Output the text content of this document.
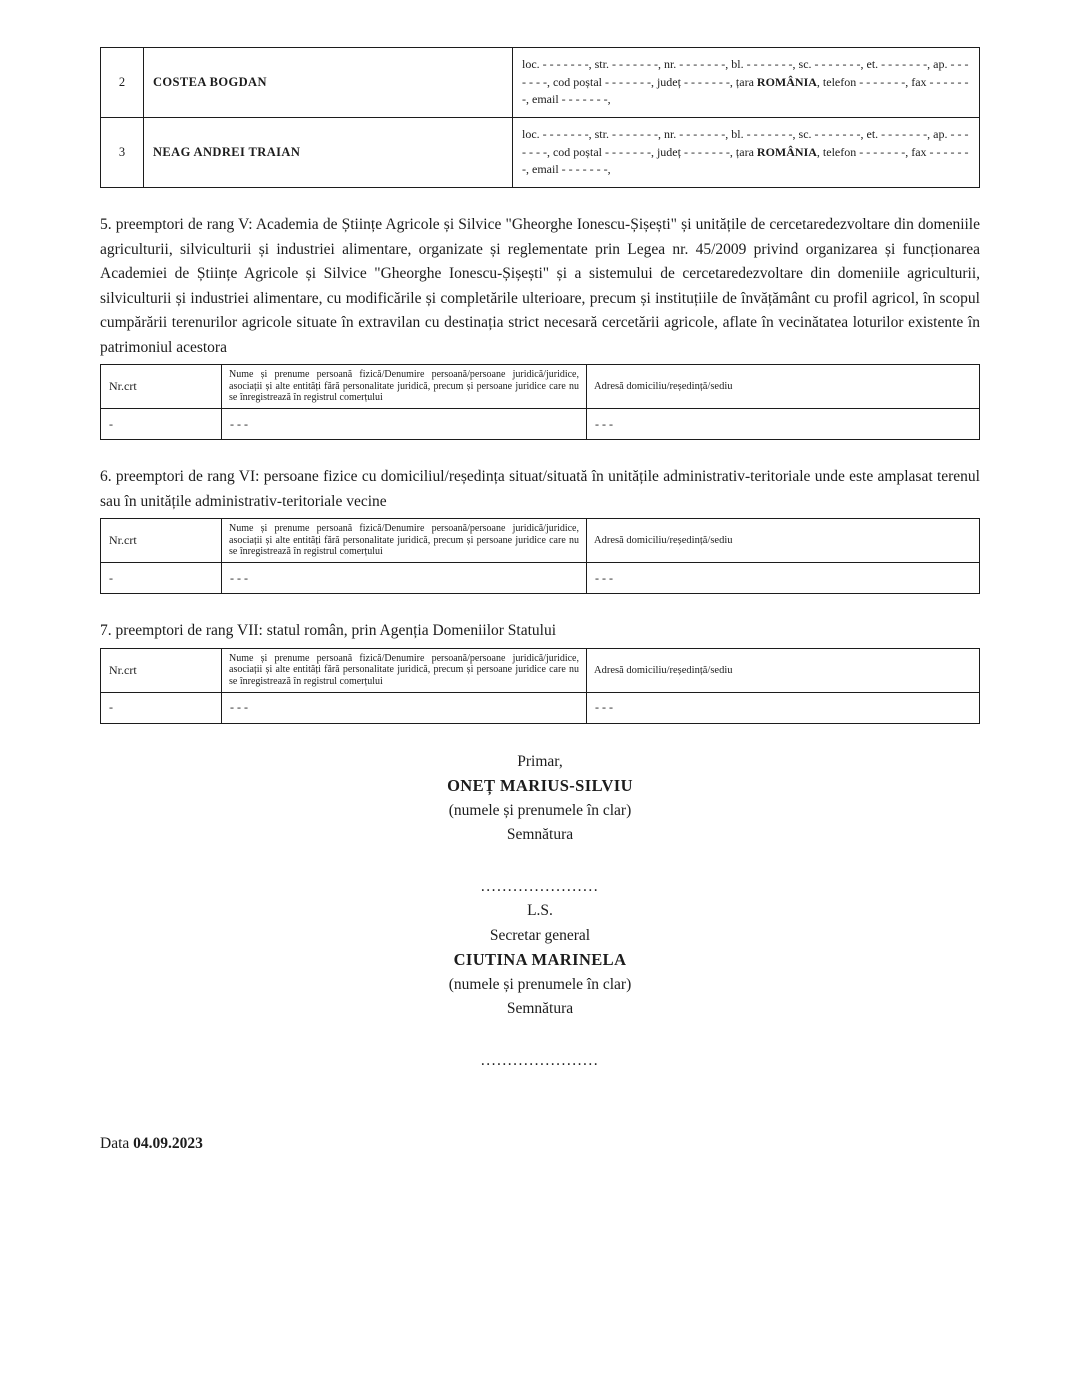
2	COSTEA BOGDAN	loc. - - - - - - -, str. - - - - - - -, nr. - - - - - - -, bl. - - - - - - -, sc. - - - - - - -, et. - - - - - - -, ap. - - - - - - -, cod poștal - - - - - - -, județ - - - - - - -, țara ROMÂNIA, telefon - - - - - - -, fax - - - - - - -, email - - - - - - -,
3	NEAG ANDREI TRAIAN	loc. - - - - - - -, str. - - - - - - -, nr. - - - - - - -, bl. - - - - - - -, sc. - - - - - - -, et. - - - - - - -, ap. - - - - - - -, cod poștal - - - - - - -, județ - - - - - - -, țara ROMÂNIA, telefon - - - - - - -, fax - - - - - - -, email - - - - - - -,

5. preemptori de rang V: Academia de Științe Agricole și Silvice "Gheorghe Ionescu-Șișești" și unitățile de cercetaredezvoltare din domeniile agriculturii, silviculturii și industriei alimentare, organizate și reglementate prin Legea nr. 45/2009 privind organizarea și funcționarea Academiei de Științe Agricole și Silvice "Gheorghe Ionescu-Șișești" și a sistemului de cercetaredezvoltare din domeniile agriculturii, silviculturii și industriei alimentare, cu modificările și completările ulterioare, precum și instituțiile de învățământ cu profil agricol, în scopul cumpărării terenurilor agricole situate în extravilan cu destinația strict necesară cercetării agricole, aflate în vecinătatea loturilor existente în patrimoniul acestora

Nr.crt	Nume și prenume persoană fizică/Denumire persoană/persoane juridică/juridice, asociații și alte entități fără personalitate juridică, precum și persoane juridice care nu se înregistrează în registrul comerțului	Adresă domiciliu/reședință/sediu
-	- - -	- - -

6. preemptori de rang VI: persoane fizice cu domiciliul/reședința situat/situată în unitățile administrativ-teritoriale unde este amplasat terenul sau în unitățile administrativ-teritoriale vecine

Nr.crt	Nume și prenume persoană fizică/Denumire persoană/persoane juridică/juridice, asociații și alte entități fără personalitate juridică, precum și persoane juridice care nu se înregistrează în registrul comerțului	Adresă domiciliu/reședință/sediu
-	- - -	- - -

7. preemptori de rang VII: statul român, prin Agenția Domeniilor Statului

Nr.crt	Nume și prenume persoană fizică/Denumire persoană/persoane juridică/juridice, asociații și alte entități fără personalitate juridică, precum și persoane juridice care nu se înregistrează în registrul comerțului	Adresă domiciliu/reședință/sediu
-	- - -	- - -
Primar,
ONEȚ MARIUS-SILVIU
(numele și prenumele în clar)
Semnătura
......................
L.S.
Secretar general
CIUTINA MARINELA
(numele și prenumele în clar)
Semnătura
......................
Data 04.09.2023
